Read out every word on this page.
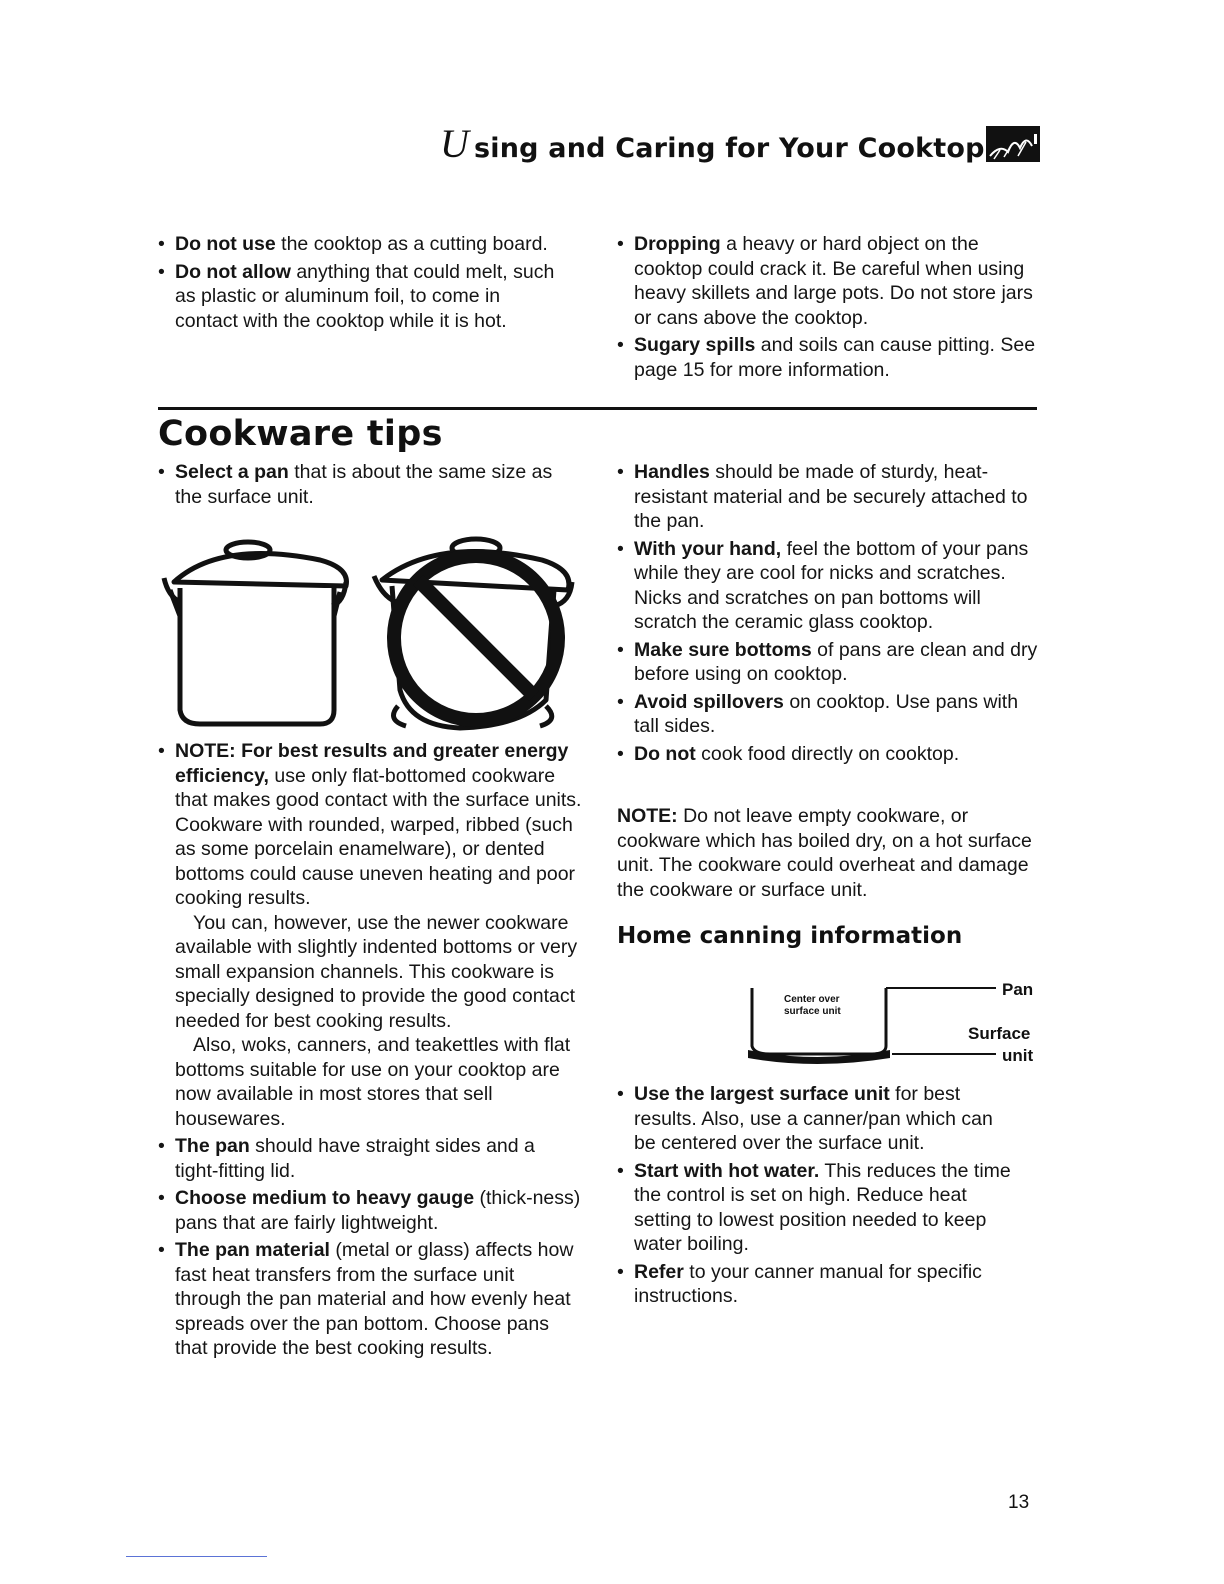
U sing and Caring for Your Cooktop

• Do not use the cooktop as a cutting board.

• Do not allow anything that could melt, such as plastic or aluminum foil, to come in contact with the cooktop while it is hot.

• Dropping a heavy or hard object on the cooktop could crack it. Be careful when using heavy skillets and large pots. Do not store jars or cans above the cooktop.

• Sugary spills and soils can cause pitting. See page 15 for more information.

Cookware tips

• Select a pan that is about the same size as the surface unit.

• NOTE: For best results and greater energy efficiency, use only flat-bottomed cookware that makes good contact with the surface units. Cookware with rounded, warped, ribbed (such as some porcelain enamelware), or dented bottoms could cause uneven heating and poor cooking results.

You can, however, use the newer cookware available with slightly indented bottoms or very small expansion channels. This cookware is specially designed to provide the good contact needed for best cooking results.

Also, woks, canners, and teakettles with flat bottoms suitable for use on your cooktop are now available in most stores that sell housewares.

• The pan should have straight sides and a tight-fitting lid.

• Choose medium to heavy gauge (thick-ness) pans that are fairly lightweight.

• The pan material (metal or glass) affects how fast heat transfers from the surface unit through the pan material and how evenly heat spreads over the pan bottom. Choose pans that provide the best cooking results.

• Handles should be made of sturdy, heat-resistant material and be securely attached to the pan.

• With your hand, feel the bottom of your pans while they are cool for nicks and scratches. Nicks and scratches on pan bottoms will scratch the ceramic glass cooktop.

• Make sure bottoms of pans are clean and dry before using on cooktop.

• Avoid spillovers on cooktop. Use pans with tall sides.

• Do not cook food directly on cooktop.

NOTE: Do not leave empty cookware, or cookware which has boiled dry, on a hot surface unit. The cookware could overheat and damage the cookware or surface unit.

Home canning information
Center over
surface unit
Pan
Surface
unit

• Use the largest surface unit for best results. Also, use a canner/pan which can be centered over the surface unit.

• Start with hot water. This reduces the time the control is set on high. Reduce heat setting to lowest position needed to keep water boiling.

• Refer to your canner manual for specific instructions.

13
